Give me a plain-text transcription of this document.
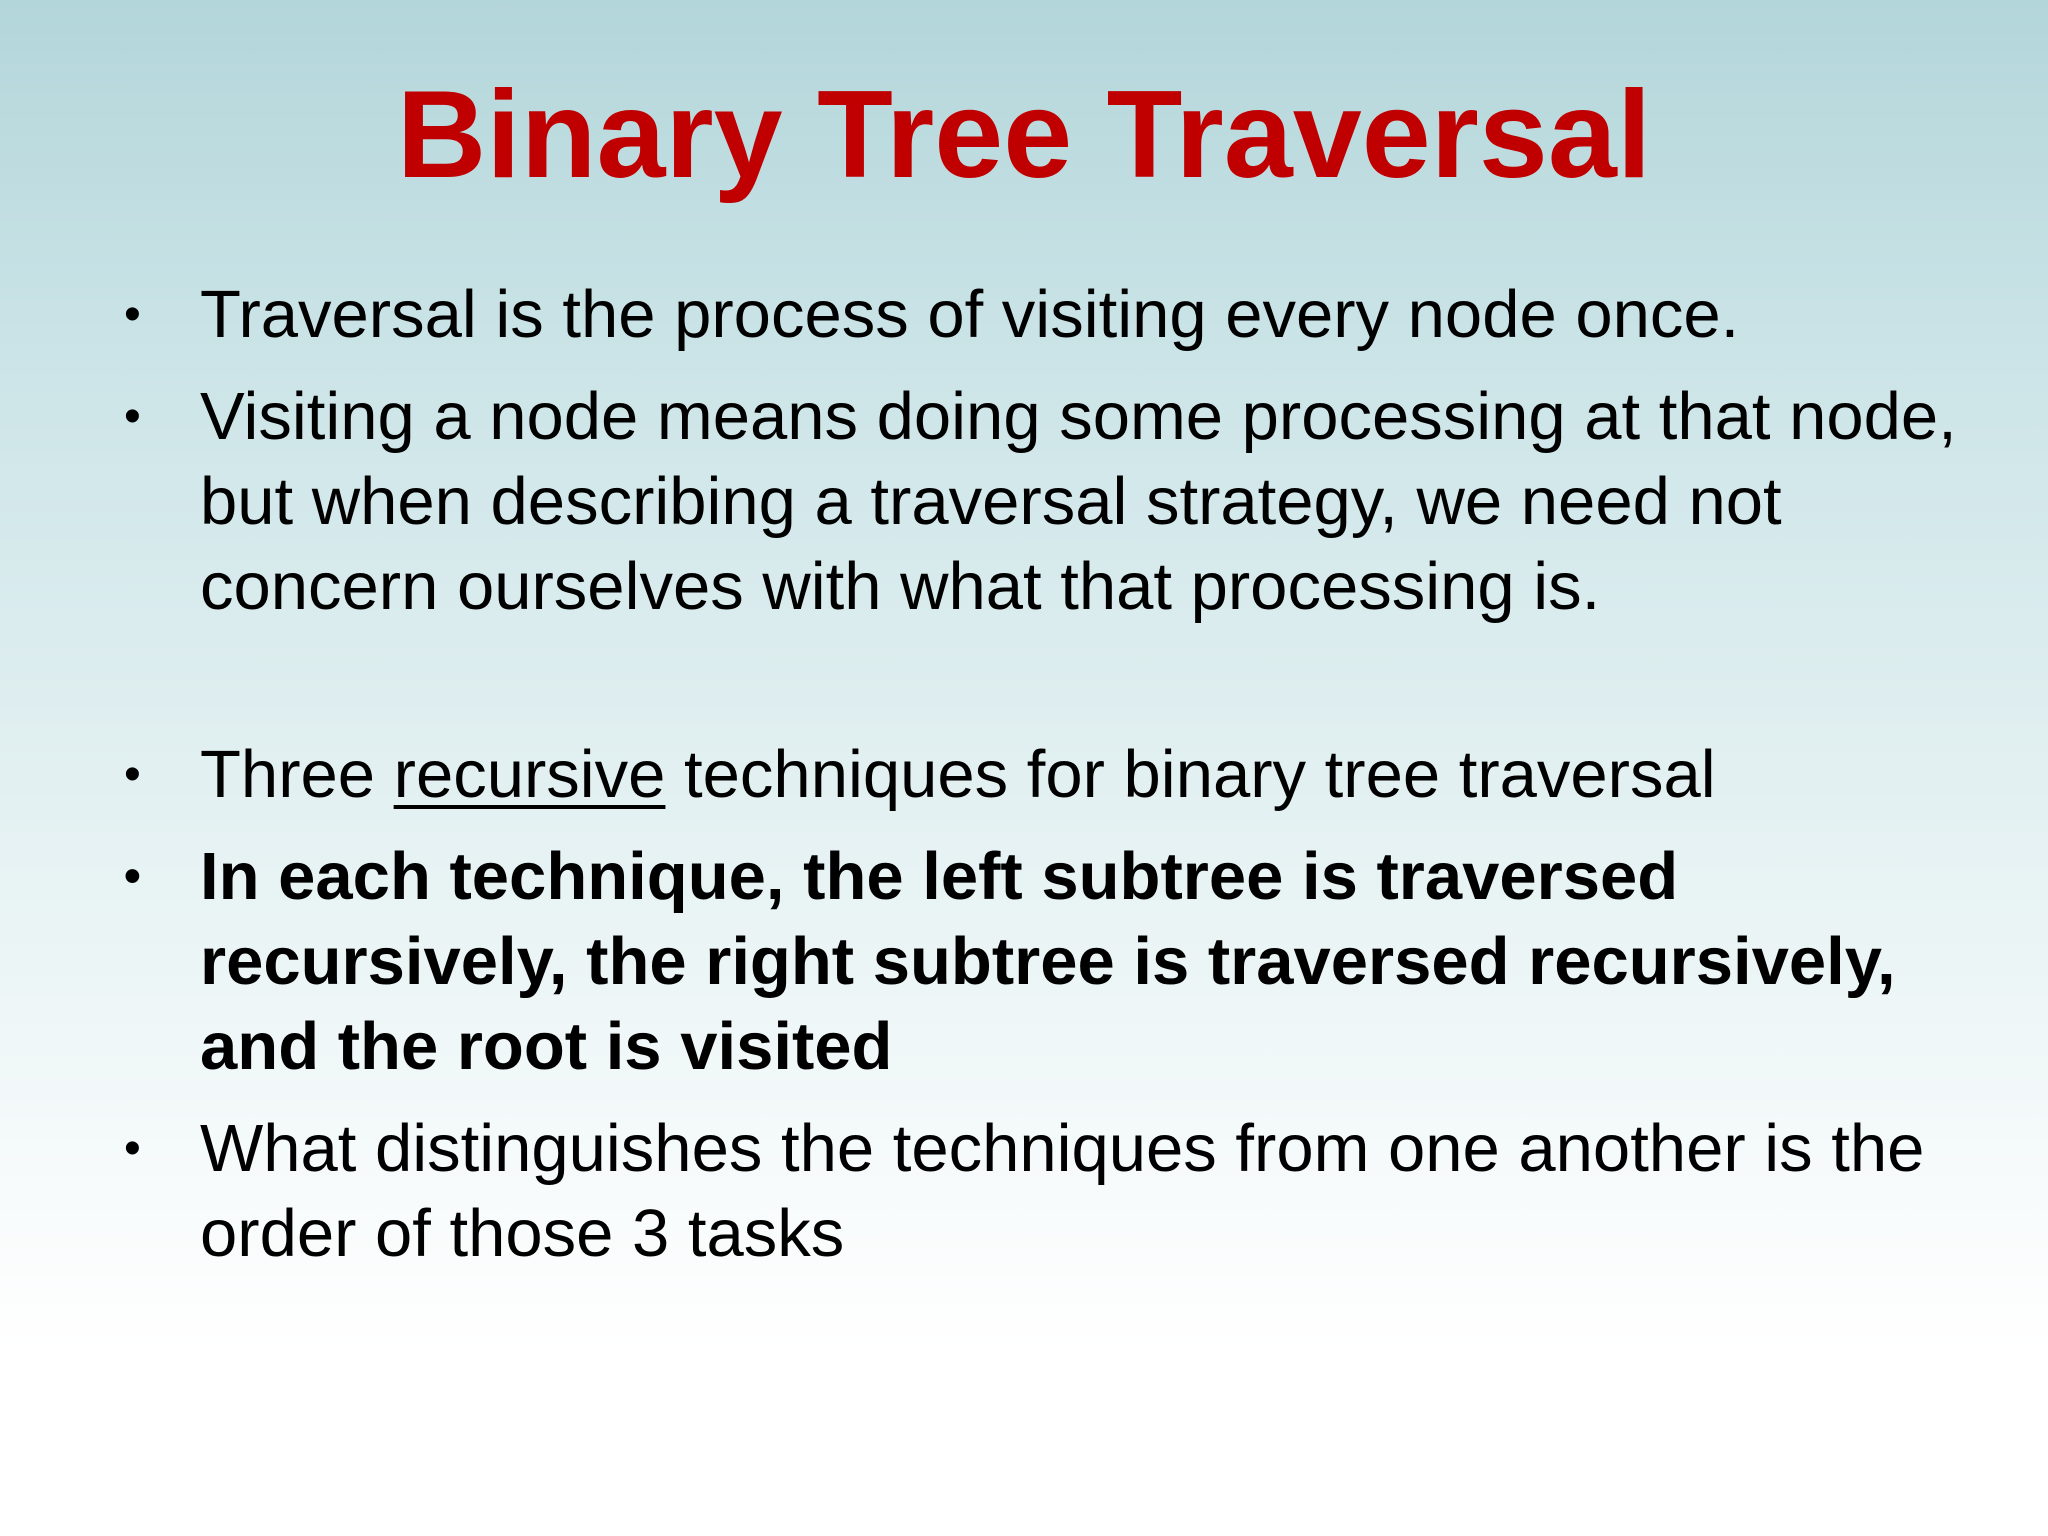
Binary Tree Traversal
• Traversal is the process of visiting every node once.
• Visiting a node means doing some processing at that node, but when describing a traversal strategy, we need not concern ourselves with what that processing is.
• Three recursive techniques for binary tree traversal
• In each technique, the left subtree is traversed recursively, the right subtree is traversed recursively, and the root is visited
• What distinguishes the techniques from one another is the order of those 3 tasks
